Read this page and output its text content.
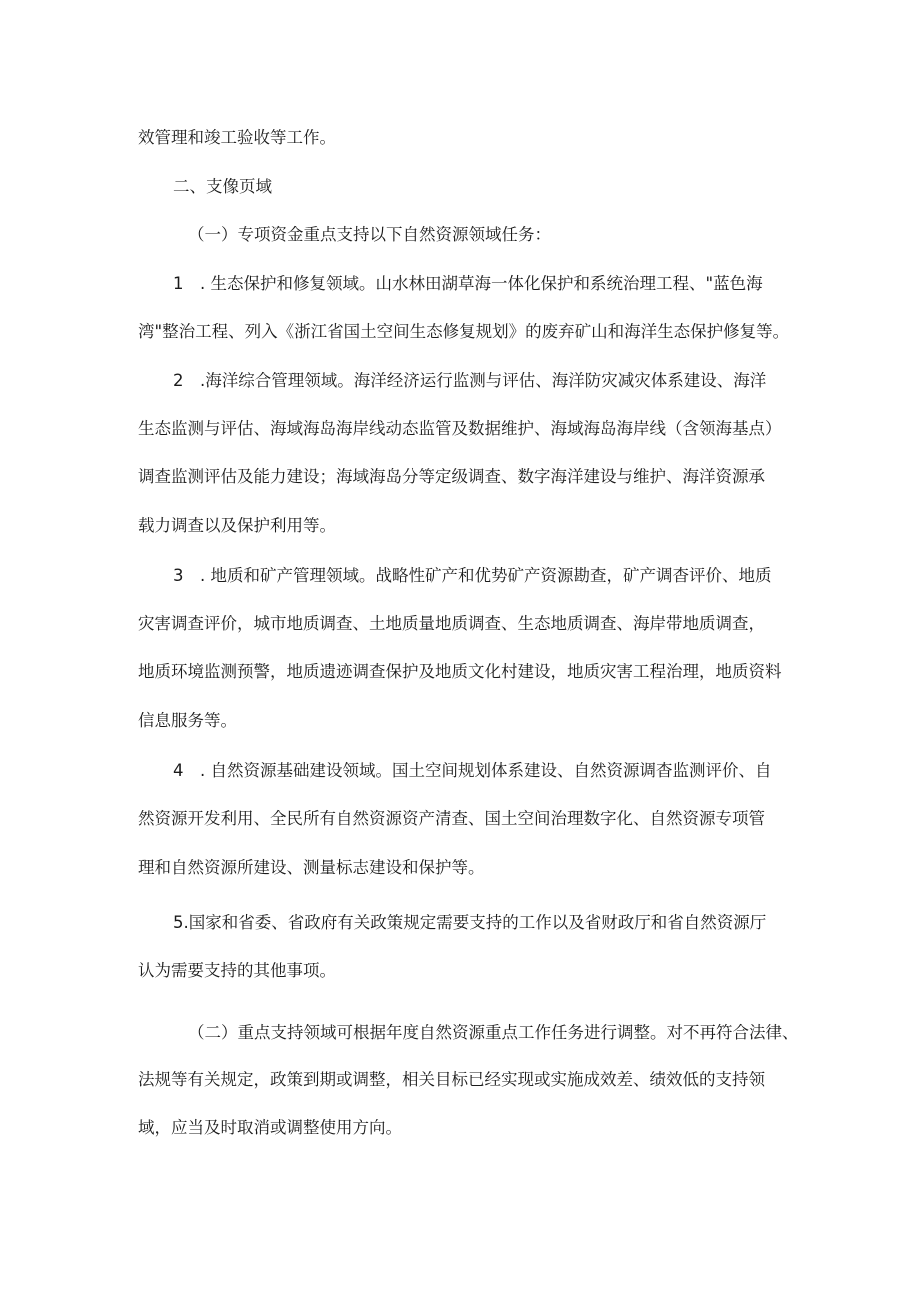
效管理和竣工验收等工作。
二、支像页域
（一）专项资金重点支持以下自然资源领域任务：
1　. 生态保护和修复领域。山水林田湖草海一体化保护和系统治理工程、"蓝色海
湾"整治工程、列入《浙江省国土空间生态修复规划》的废弃矿山和海洋生态保护修复等。
2　.海洋综合管理领域。海洋经济运行监测与评估、海洋防灾减灾体系建设、海洋
生态监测与评估、海域海岛海岸线动态监管及数据维护、海域海岛海岸线（含领海基点）
调查监测评估及能力建设；海域海岛分等定级调查、数字海洋建设与维护、海洋资源承
载力调查以及保护利用等。
3　. 地质和矿产管理领域。战略性矿产和优势矿产资源勘查，矿产调杳评价、地质
灾害调查评价，城市地质调查、土地质量地质调查、生态地质调查、海岸带地质调查，
地质环境监测预警，地质遗迹调查保护及地质文化村建设，地质灾害工程治理，地质资料
信息服务等。
4　. 自然资源基础建设领域。国土空间规划体系建设、自然资源调杳监测评价、自
然资源开发利用、全民所有自然资源资产清查、国土空间治理数字化、自然资源专项管
理和自然资源所建设、测量标志建设和保护等。
5.国家和省委、省政府有关政策规定需要支持的工作以及省财政厅和省自然资源厅
认为需要支持的其他事项。
（二）重点支持领域可根据年度自然资源重点工作任务进行调整。对不再符合法律、
法规等有关规定，政策到期或调整，相关目标已经实现或实施成效差、绩效低的支持领
域，应当及时取消或调整使用方向。
